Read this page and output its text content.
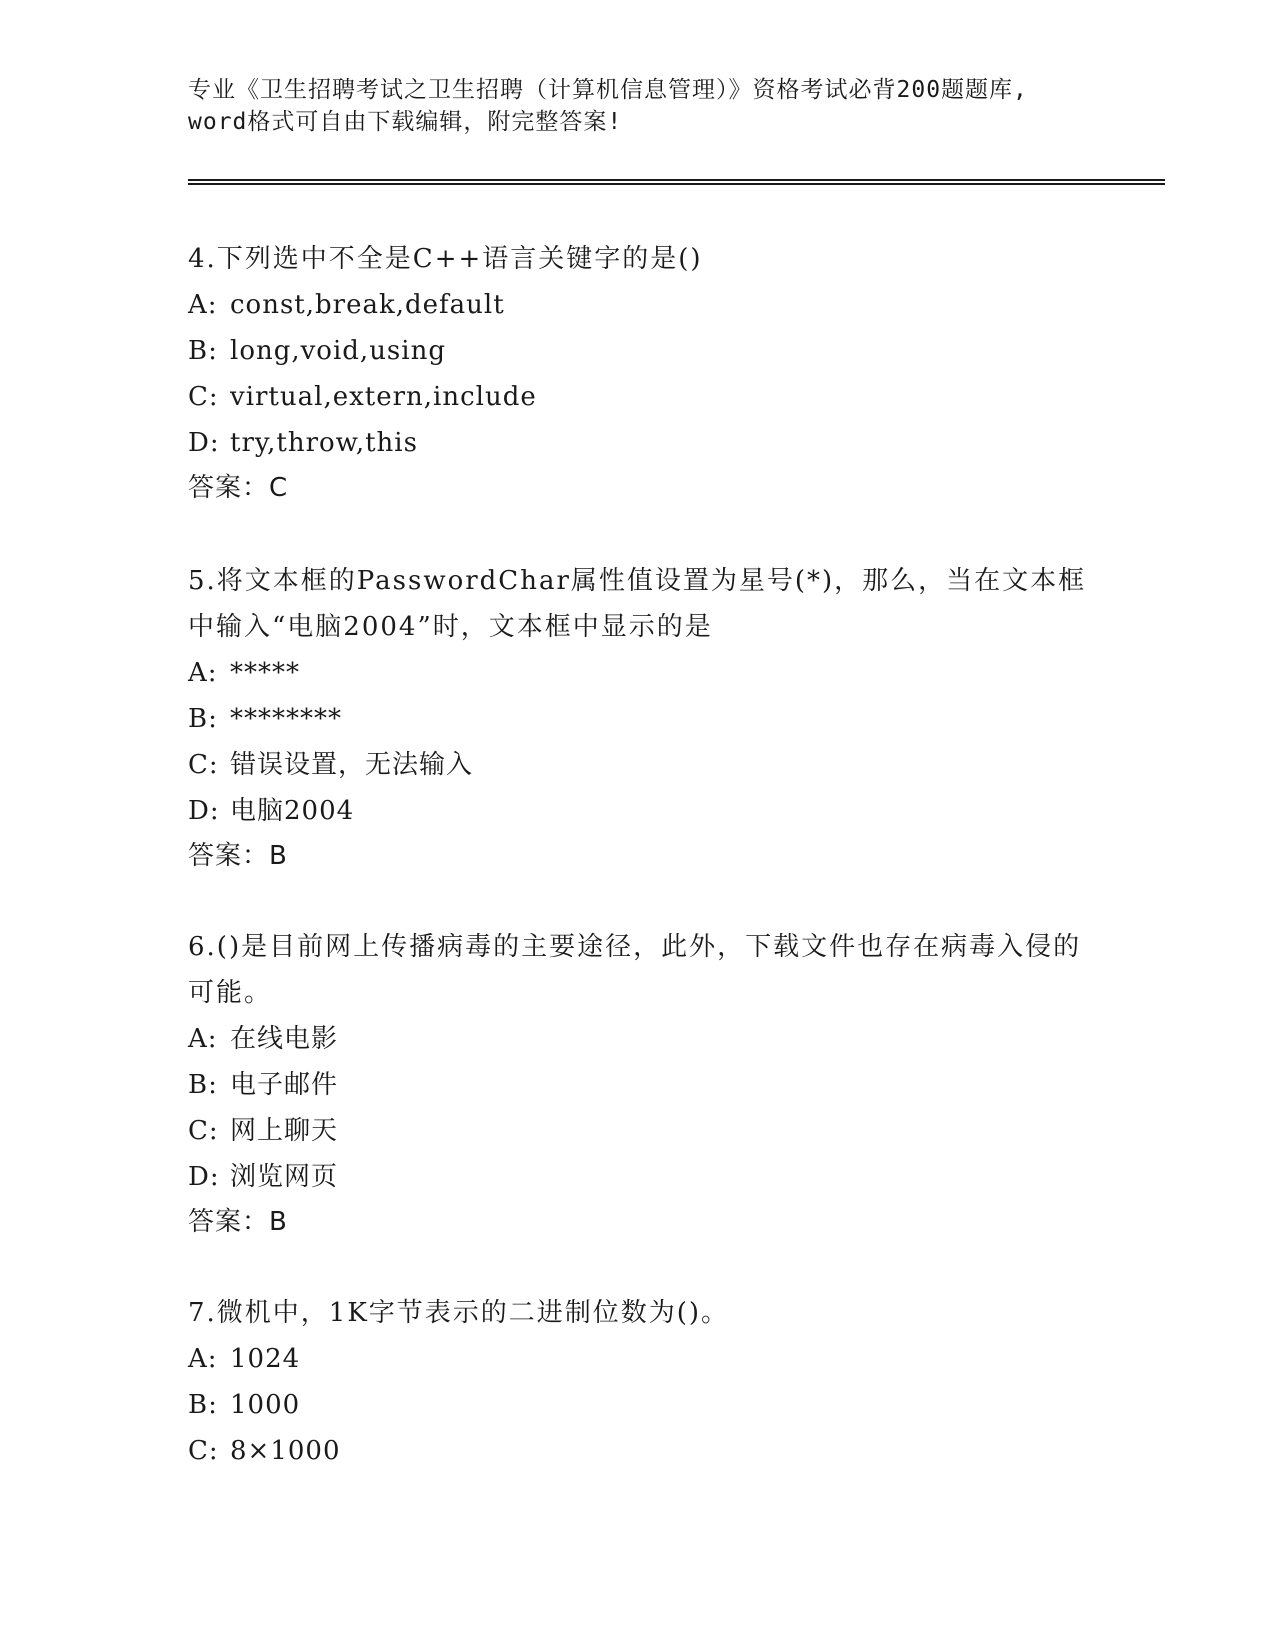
专业《卫生招聘考试之卫生招聘（计算机信息管理）》资格考试必背200题题库,
word格式可自由下载编辑，附完整答案!
4.下列选中不全是C++语言关键字的是()
A: const,break,default
B: long,void,using
C: virtual,extern,include
D: try,throw,this
答案：C
5.将文本框的PasswordChar属性值设置为星号(*)，那么，当在文本框中输入“电脑2004”时，文本框中显示的是
A: *****
B: ********
C: 错误设置，无法输入
D: 电脑2004
答案：B
6.()是目前网上传播病毒的主要途径，此外，下载文件也存在病毒入侵的可能。
A: 在线电影
B: 电子邮件
C: 网上聊天
D: 浏览网页
答案：B
7.微机中，1K字节表示的二进制位数为()。
A: 1024
B: 1000
C: 8×1000
